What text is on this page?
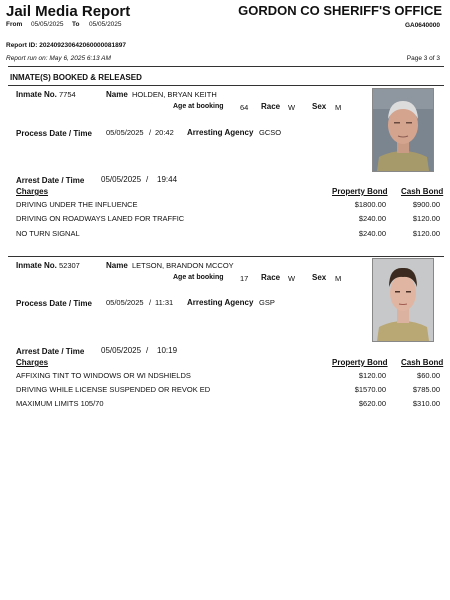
Jail Media Report	GORDON CO SHERIFF'S OFFICE
From 05/05/2025 To 05/05/2025	GA0640000
Report ID: 202409230642060000081897
Report run on: May 6, 2025 6:13 AM	Page 3 of 3
INMATE(S) BOOKED & RELEASED
Inmate No. 7754	Name HOLDEN, BRYAN KEITH
Age at booking 64 Race W Sex M
Process Date / Time 05/05/2025 / 20:42 Arresting Agency GCSO
Arrest Date / Time 05/05/2025 / 19:44
Charges	Property Bond Cash Bond
DRIVING UNDER THE INFLUENCE	$1800.00	$900.00
DRIVING ON ROADWAYS LANED FOR TRAFFIC	$240.00	$120.00
NO TURN SIGNAL	$240.00	$120.00
Inmate No. 52307	Name LETSON, BRANDON MCCOY
Age at booking 17 Race W Sex M
Process Date / Time 05/05/2025 / 11:31 Arresting Agency GSP
Arrest Date / Time 05/05/2025 / 10:19
Charges	Property Bond Cash Bond
AFFIXING TINT TO WINDOWS OR WI NDSHIELDS	$120.00	$60.00
DRIVING WHILE LICENSE SUSPENDED OR REVOK ED	$1570.00	$785.00
MAXIMUM LIMITS 105/70	$620.00	$310.00
